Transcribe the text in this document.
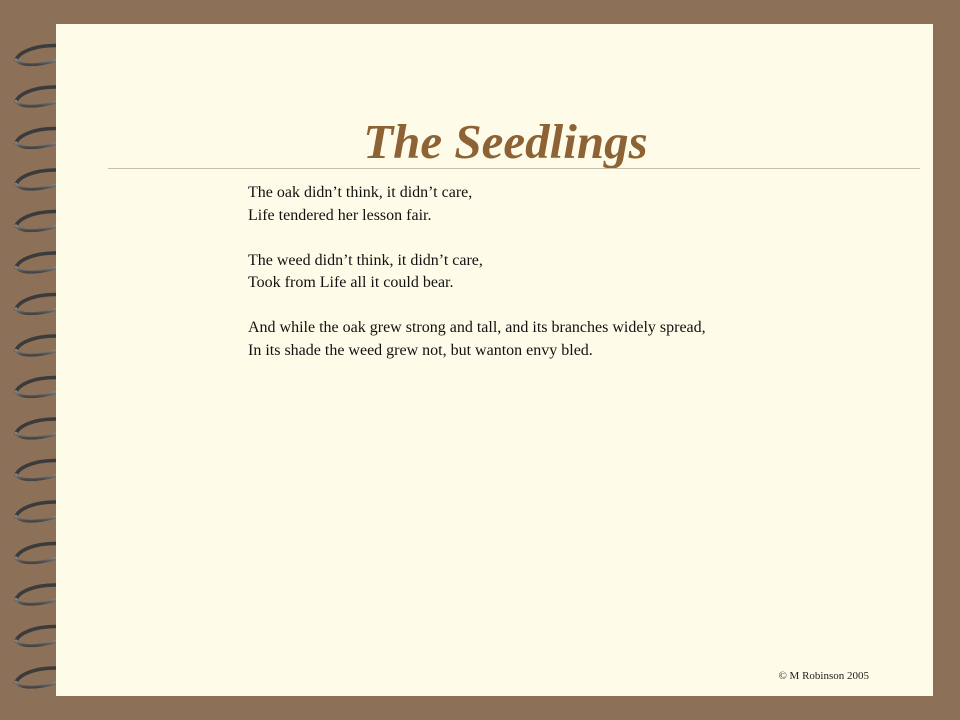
The Seedlings
The oak didn’t think, it didn’t care,
Life tendered her lesson fair.
The weed didn’t think, it didn’t care,
Took from Life all it could bear.
And while the oak grew strong and tall, and its branches widely spread,
In its shade the weed grew not, but wanton envy bled.
© M Robinson 2005
